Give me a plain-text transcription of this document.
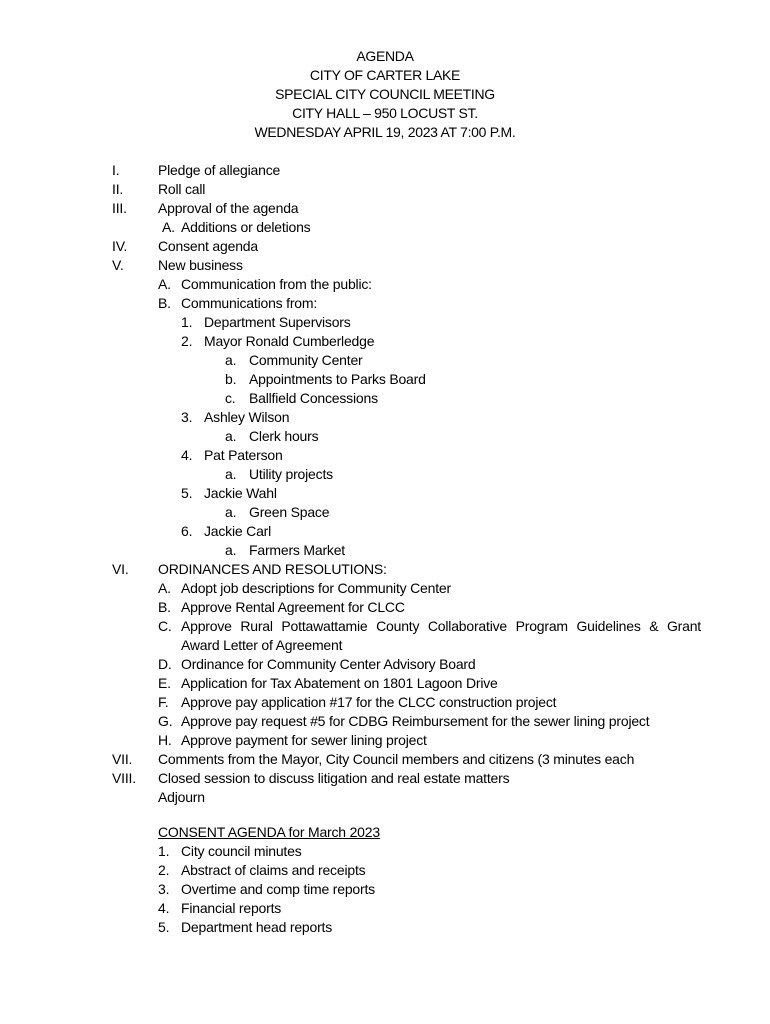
AGENDA
CITY OF CARTER LAKE
SPECIAL CITY COUNCIL MEETING
CITY HALL – 950 LOCUST ST.
WEDNESDAY APRIL 19, 2023 AT 7:00 P.M.
I.	Pledge of allegiance
II. Roll call
III. Approval of the agenda
A. Additions or deletions
IV. Consent agenda
V. New business
A. Communication from the public:
B. Communications from:
1. Department Supervisors
2. Mayor Ronald Cumberledge
a. Community Center
b. Appointments to Parks Board
c. Ballfield Concessions
3. Ashley Wilson
a. Clerk hours
4. Pat Paterson
a. Utility projects
5. Jackie Wahl
a. Green Space
6. Jackie Carl
a. Farmers Market
VI. ORDINANCES AND RESOLUTIONS:
A. Adopt job descriptions for Community Center
B. Approve Rental Agreement for CLCC
C. Approve Rural Pottawattamie County Collaborative Program Guidelines & Grant Award Letter of Agreement
D. Ordinance for Community Center Advisory Board
E. Application for Tax Abatement on 1801 Lagoon Drive
F. Approve pay application #17 for the CLCC construction project
G. Approve pay request #5 for CDBG Reimbursement for the sewer lining project
H. Approve payment for sewer lining project
VII. Comments from the Mayor, City Council members and citizens (3 minutes each
VIII. Closed session to discuss litigation and real estate matters
Adjourn
CONSENT AGENDA for March 2023
1. City council minutes
2. Abstract of claims and receipts
3. Overtime and comp time reports
4. Financial reports
5. Department head reports
